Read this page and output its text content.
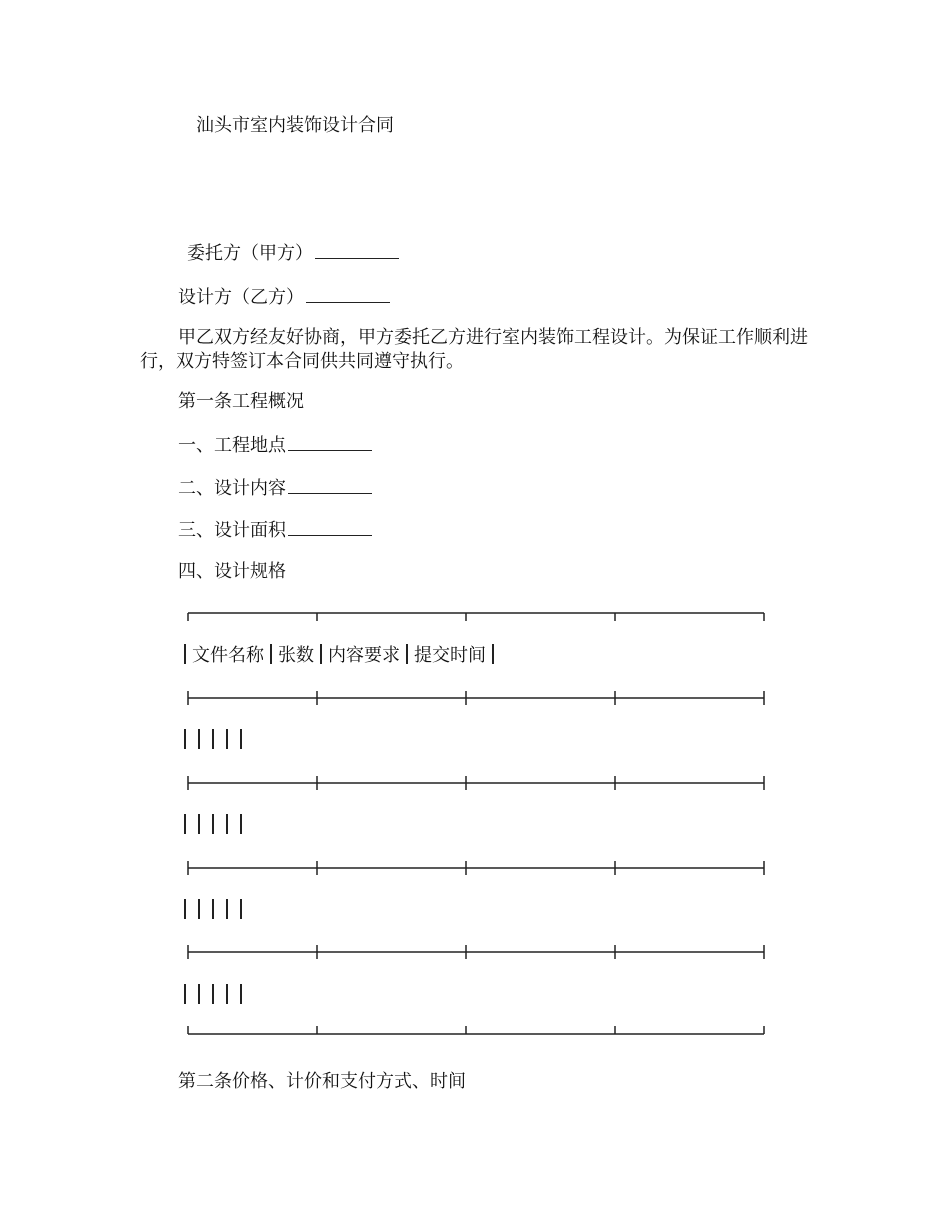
汕头市室内装饰设计合同
委托方（甲方）
设计方（乙方）
甲乙双方经友好协商，甲方委托乙方进行室内装饰工程设计。为保证工作顺利进行，双方特签订本合同供共同遵守执行。
第一条工程概况
一、工程地点
二、设计内容
三、设计面积
四、设计规格
文件名称 张数 内容要求 提交时间
第二条价格、计价和支付方式、时间
